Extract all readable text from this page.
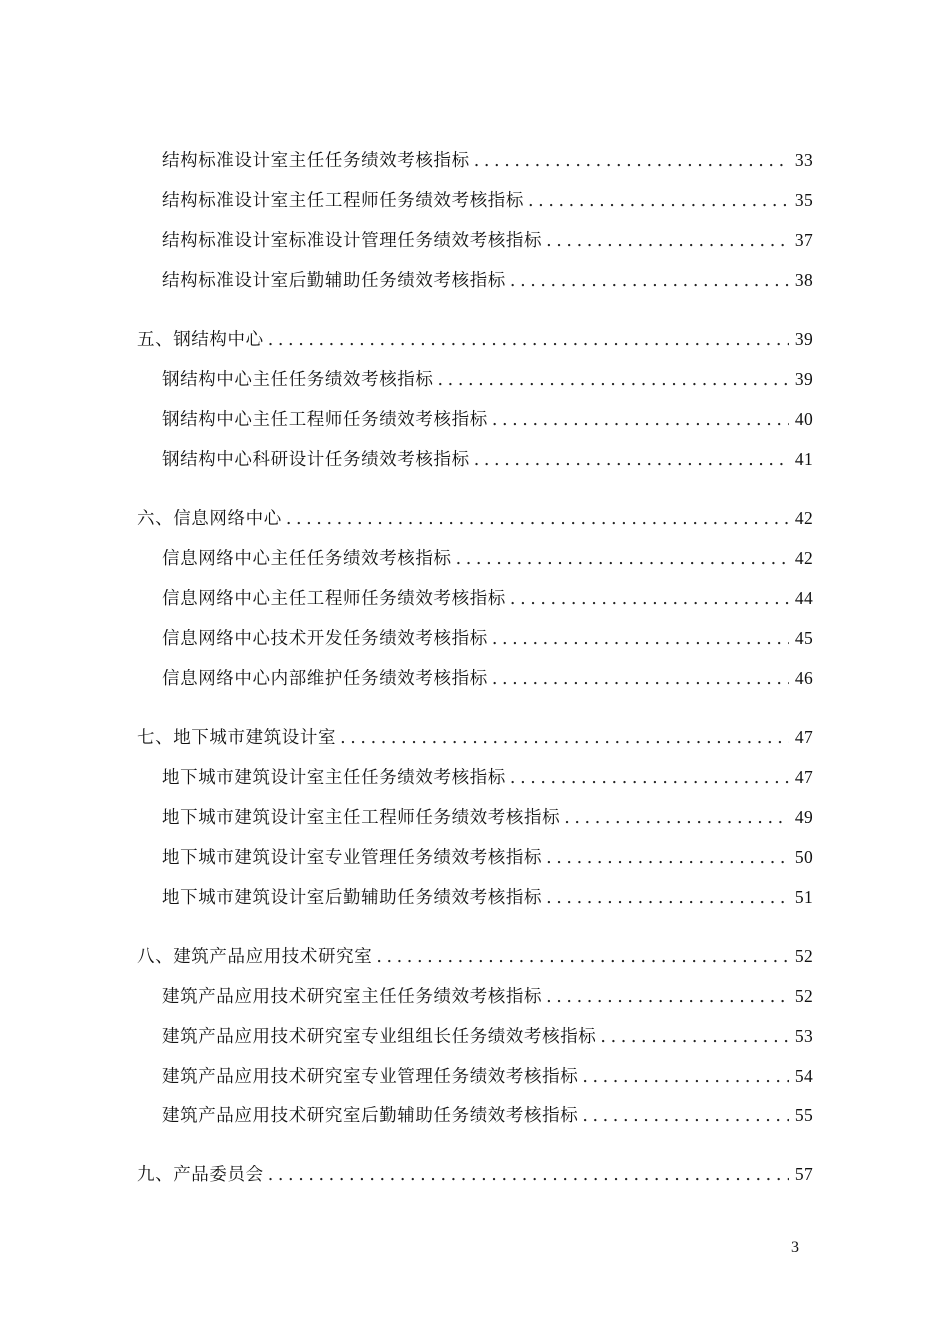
结构标准设计室主任任务绩效考核指标 .....	33
结构标准设计室主任工程师任务绩效考核指标 .....	35
结构标准设计室标准设计管理任务绩效考核指标 .....	37
结构标准设计室后勤辅助任务绩效考核指标 .....	38
五、钢结构中心 .....	39
钢结构中心主任任务绩效考核指标 .....	39
钢结构中心主任工程师任务绩效考核指标 .....	40
钢结构中心科研设计任务绩效考核指标 .....	41
六、信息网络中心 .....	42
信息网络中心主任任务绩效考核指标 .....	42
信息网络中心主任工程师任务绩效考核指标 .....	44
信息网络中心技术开发任务绩效考核指标 .....	45
信息网络中心内部维护任务绩效考核指标 .....	46
七、地下城市建筑设计室 .....	47
地下城市建筑设计室主任任务绩效考核指标 .....	47
地下城市建筑设计室主任工程师任务绩效考核指标 .....	49
地下城市建筑设计室专业管理任务绩效考核指标 .....	50
地下城市建筑设计室后勤辅助任务绩效考核指标 .....	51
八、建筑产品应用技术研究室 .....	52
建筑产品应用技术研究室主任任务绩效考核指标 .....	52
建筑产品应用技术研究室专业组组长任务绩效考核指标 .....	53
建筑产品应用技术研究室专业管理任务绩效考核指标 .....	54
建筑产品应用技术研究室后勤辅助任务绩效考核指标 .....	55
九、产品委员会 .....	57
3
